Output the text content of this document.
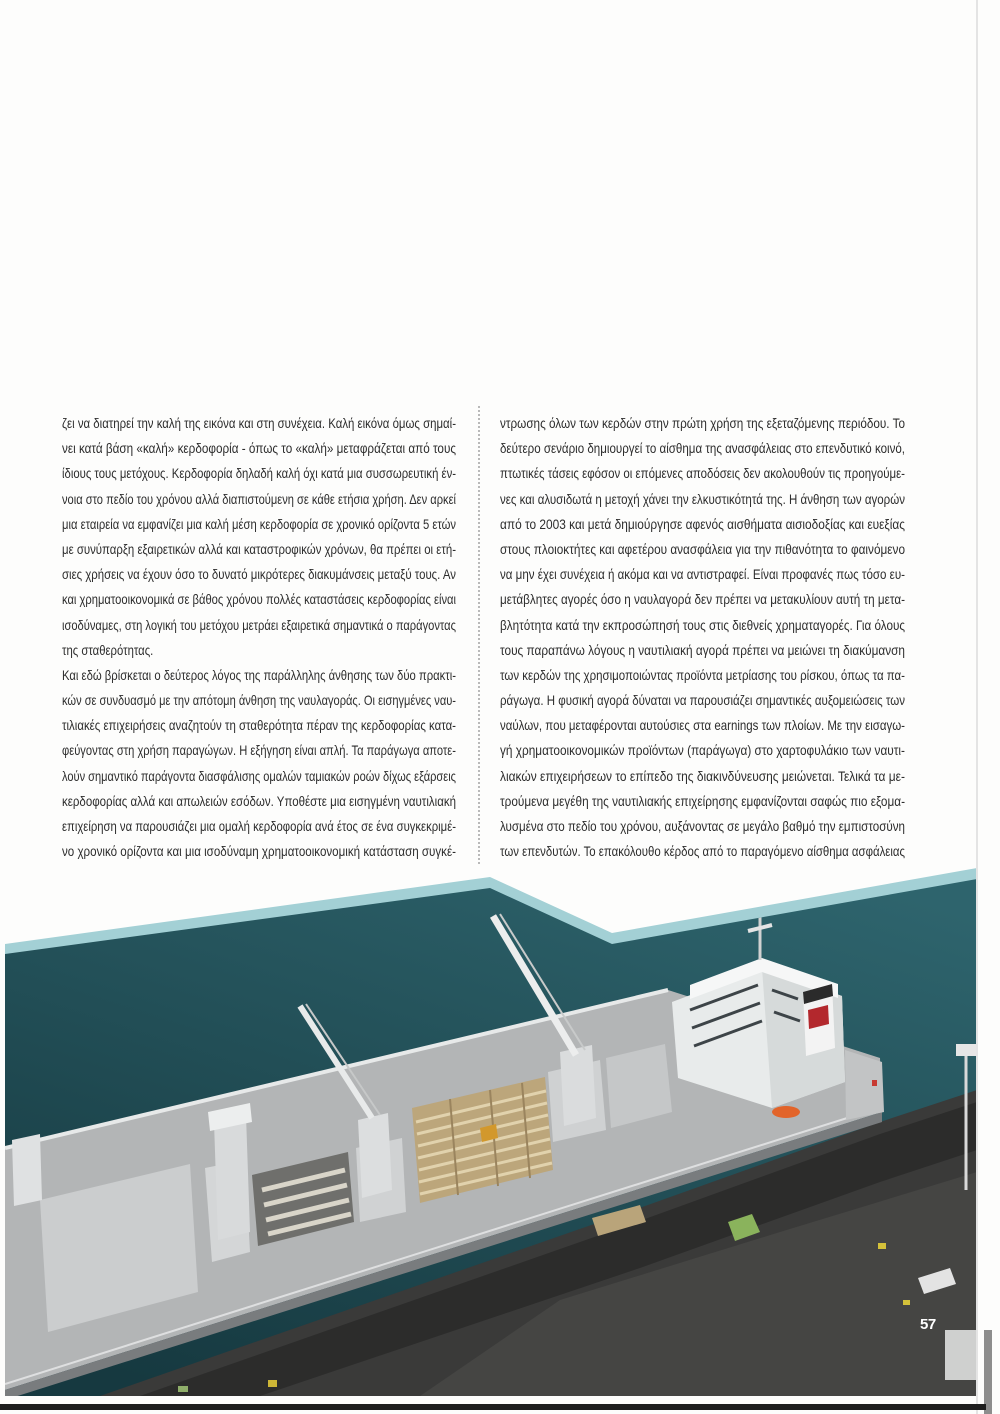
ζει να διατηρεί την καλή της εικόνα και στη συνέχεια. Καλή εικόνα όμως σημαί-
νει κατά βάση «καλή» κερδοφορία - όπως το «καλή» μεταφράζεται από τους
ίδιους τους μετόχους. Κερδοφορία δηλαδή καλή όχι κατά μια συσσωρευτική έν-
νοια στο πεδίο του χρόνου αλλά διαπιστούμενη σε κάθε ετήσια χρήση. Δεν αρκεί
μια εταιρεία να εμφανίζει μια καλή μέση κερδοφορία σε χρονικό ορίζοντα 5 ετών
με συνύπαρξη εξαιρετικών αλλά και καταστροφικών χρόνων, θα πρέπει οι ετή-
σιες χρήσεις να έχουν όσο το δυνατό μικρότερες διακυμάνσεις μεταξύ τους. Αν
και χρηματοοικονομικά σε βάθος χρόνου πολλές καταστάσεις κερδοφορίας είναι
ισοδύναμες, στη λογική του μετόχου μετράει εξαιρετικά σημαντικά ο παράγοντας
της σταθερότητας.
Και εδώ βρίσκεται ο δεύτερος λόγος της παράλληλης άνθησης των δύο πρακτι-
κών σε συνδυασμό με την απότομη άνθηση της ναυλαγοράς. Οι εισηγμένες ναυ-
τιλιακές επιχειρήσεις αναζητούν τη σταθερότητα πέραν της κερδοφορίας κατα-
φεύγοντας στη χρήση παραγώγων. Η εξήγηση είναι απλή. Τα παράγωγα αποτε-
λούν σημαντικό παράγοντα διασφάλισης ομαλών ταμιακών ροών δίχως εξάρσεις
κερδοφορίας αλλά και απωλειών εσόδων. Υποθέστε μια εισηγμένη ναυτιλιακή
επιχείρηση να παρουσιάζει μια ομαλή κερδοφορία ανά έτος σε ένα συγκεκριμέ-
νο χρονικό ορίζοντα και μια ισοδύναμη χρηματοοικονομική κατάσταση συγκέ-
ντρωσης όλων των κερδών στην πρώτη χρήση της εξεταζόμενης περιόδου. Το
δεύτερο σενάριο δημιουργεί το αίσθημα της ανασφάλειας στο επενδυτικό κοινό,
πτωτικές τάσεις εφόσον οι επόμενες αποδόσεις δεν ακολουθούν τις προηγούμε-
νες και αλυσιδωτά η μετοχή χάνει την ελκυστικότητά της. Η άνθηση των αγορών
από το 2003 και μετά δημιούργησε αφενός αισθήματα αισιοδοξίας και ευεξίας
στους πλοιοκτήτες και αφετέρου ανασφάλεια για την πιθανότητα το φαινόμενο
να μην έχει συνέχεια ή ακόμα και να αντιστραφεί. Είναι προφανές πως τόσο ευ-
μετάβλητες αγορές όσο η ναυλαγορά δεν πρέπει να μετακυλίουν αυτή τη μετα-
βλητότητα κατά την εκπροσώπησή τους στις διεθνείς χρηματαγορές. Για όλους
τους παραπάνω λόγους η ναυτιλιακή αγορά πρέπει να μειώνει τη διακύμανση
των κερδών της χρησιμοποιώντας προϊόντα μετρίασης του ρίσκου, όπως τα πα-
ράγωγα. Η φυσική αγορά δύναται να παρουσιάζει σημαντικές αυξομειώσεις των
ναύλων, που μεταφέρονται αυτούσιες στα earnings των πλοίων. Με την εισαγω-
γή χρηματοοικονομικών προϊόντων (παράγωγα) στο χαρτοφυλάκιο των ναυτι-
λιακών επιχειρήσεων το επίπεδο της διακινδύνευσης μειώνεται. Τελικά τα με-
τρούμενα μεγέθη της ναυτιλιακής επιχείρησης εμφανίζονται σαφώς πιο εξομα-
λυσμένα στο πεδίο του χρόνου, αυξάνοντας σε μεγάλο βαθμό την εμπιστοσύνη
των επενδυτών. Το επακόλουθο κέρδος από το παραγόμενο αίσθημα ασφάλειας
57
